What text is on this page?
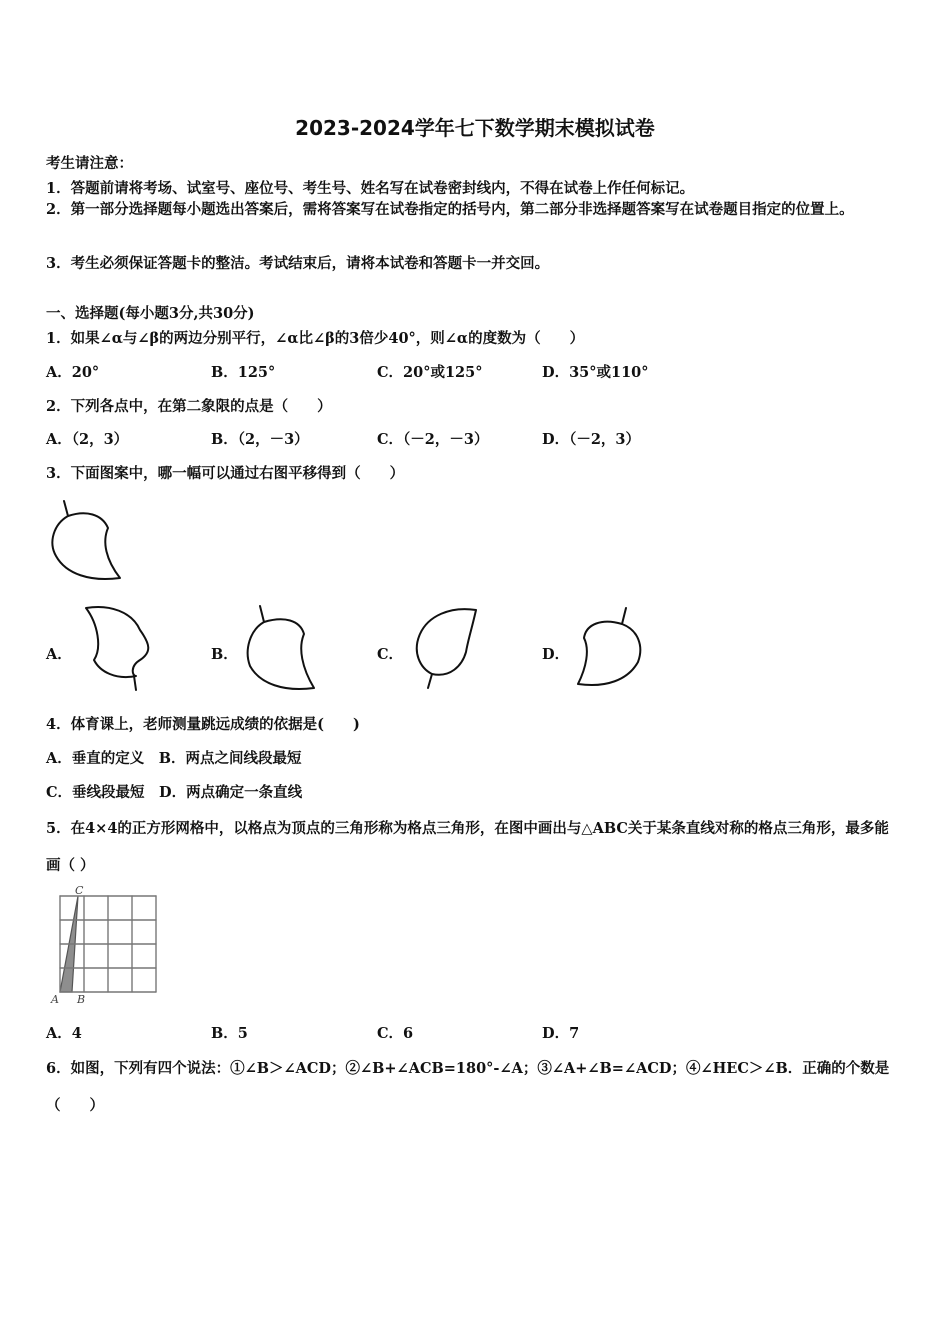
2023-2024学年七下数学期末模拟试卷
考生请注意：
1．答题前请将考场、试室号、座位号、考生号、姓名写在试卷密封线内，不得在试卷上作任何标记。
2．第一部分选择题每小题选出答案后，需将答案写在试卷指定的括号内，第二部分非选择题答案写在试卷题目指定的位置上。
3．考生必须保证答题卡的整洁。考试结束后，请将本试卷和答题卡一并交回。
一、选择题(每小题3分,共30分)
1．如果∠α与∠β的两边分别平行，∠α比∠β的3倍少40°，则∠α的度数为（　　）
A．20°	B．125°	C．20°或125°	D．35°或110°
2．下列各点中，在第二象限的点是（　　）
A．（2，3）	B．（2，－3）	C．（－2，－3）	D．（－2，3）
3．下面图案中，哪一幅可以通过右图平移得到（　　）
A．	B．	C．	D．
4．体育课上，老师测量跳远成绩的依据是(　　)
A．垂直的定义　B．两点之间线段最短
C．垂线段最短　D．两点确定一条直线
5．在4×4的正方形网格中，以格点为顶点的三角形称为格点三角形，在图中画出与△ABC关于某条直线对称的格点三角形，最多能画（ ）
C
A B
A．4	B．5	C．6	D．7
6．如图，下列有四个说法：①∠B＞∠ACD；②∠B+∠ACB=180°-∠A；③∠A+∠B=∠ACD；④∠HEC＞∠B．正确的个数是（　　）
